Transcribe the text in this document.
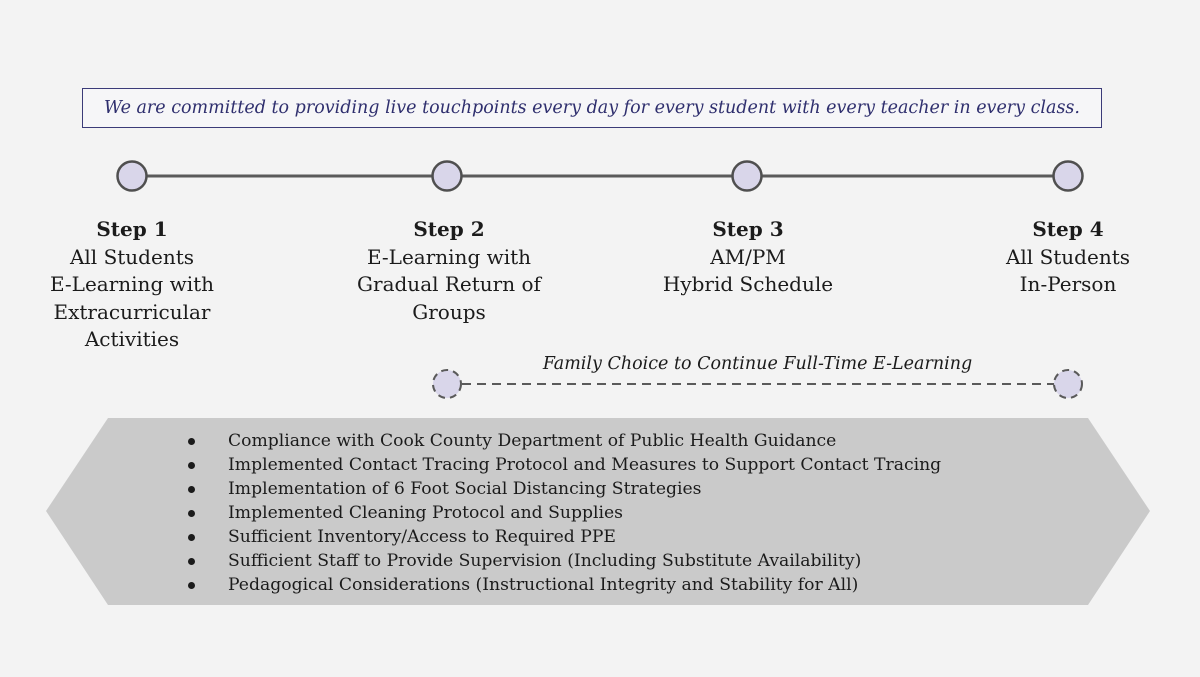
We are committed to providing live touchpoints every day for every student with every teacher in every class.
Step 1
All Students
E-Learning with
Extracurricular
Activities
Step 2
E-Learning with
Gradual Return of
Groups
Step 3
AM/PM
Hybrid Schedule
Step 4
All Students
In-Person
Family Choice to Continue Full-Time E-Learning
Compliance with Cook County Department of Public Health Guidance
Implemented Contact Tracing Protocol and Measures to Support Contact Tracing
Implementation of 6 Foot Social Distancing Strategies
Implemented Cleaning Protocol and Supplies
Sufficient Inventory/Access to Required PPE
Sufficient Staff to Provide Supervision (Including Substitute Availability)
Pedagogical Considerations (Instructional Integrity and Stability for All)
